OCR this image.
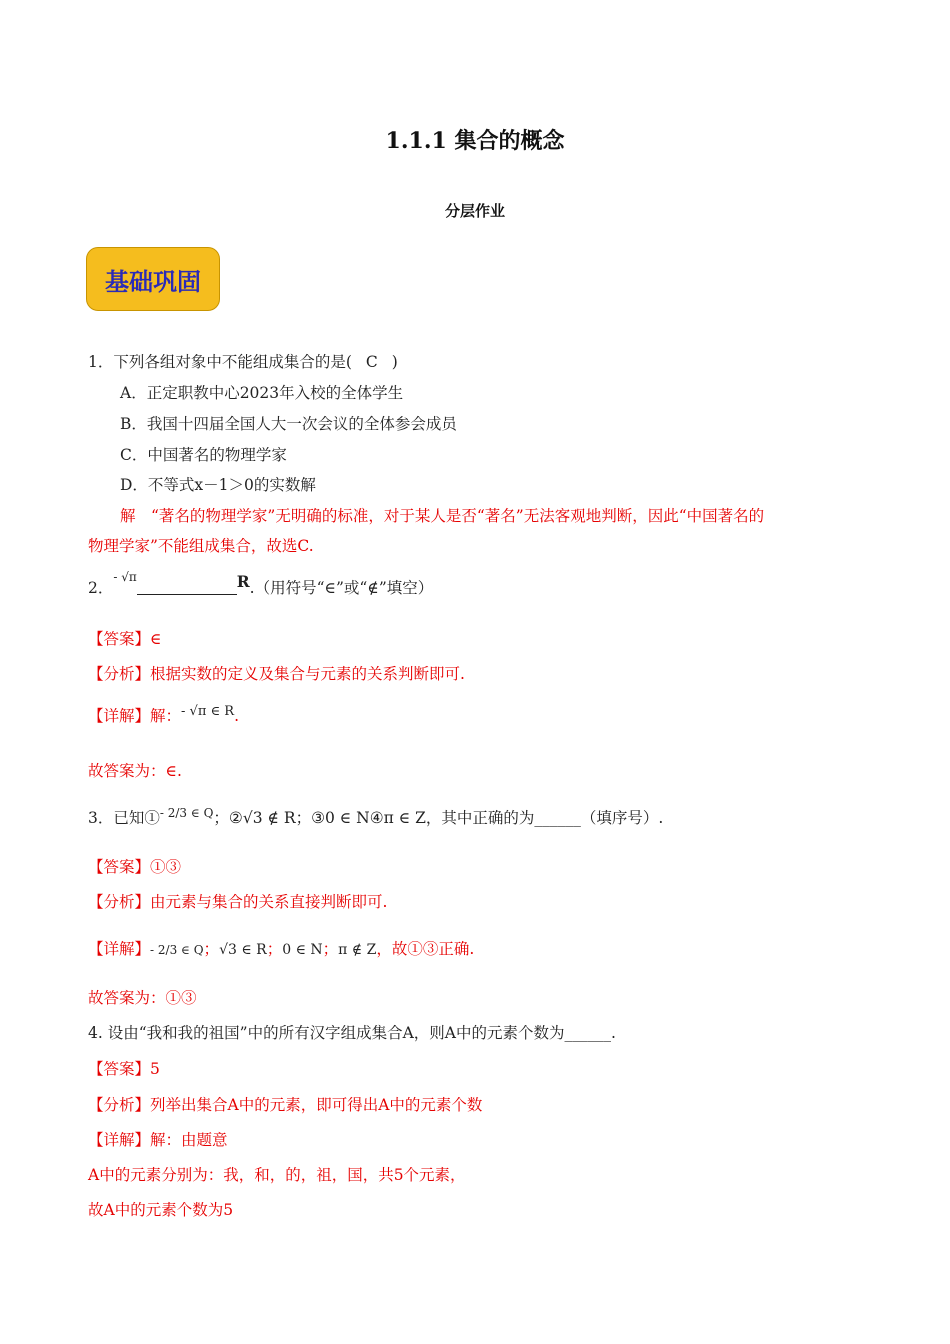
1.1.1 集合的概念
分层作业
基础巩固
1．下列各组对象中不能组成集合的是( C )
A．正定职教中心2023年入校的全体学生
B．我国十四届全国人大一次会议的全体参会成员
C．中国著名的物理学家
D．不等式x－1＞0的实数解
解　“著名的物理学家”无明确的标准，对于某人是否“著名”无法客观地判断，因此“中国著名的
物理学家”不能组成集合，故选C.
2．$^{- √\pi}$	R.（用符号“∈”或“∉”填空）
【答案】∈
【分析】根据实数的定义及集合与元素的关系判断即可.
【详解】解：$^{- √\pi \in R}$.
故答案为：∈.
3．已知①$^{- 2/3 \in Q}$；②√3 ∉ R；③0 ∈ N④π ∈ Z，其中正确的为______（填序号）.
【答案】①③
【分析】由元素与集合的关系直接判断即可.
【详解】- 2/3 ∈ Q；√3 ∈ R；0 ∈ N；π ∉ Z，故①③正确.
故答案为：①③
4. 设由“我和我的祖国”中的所有汉字组成集合A，则A中的元素个数为______.
【答案】5
【分析】列举出集合A中的元素，即可得出A中的元素个数
【详解】解：由题意
A中的元素分别为：我，和，的，祖，国，共5个元素，
故A中的元素个数为5
